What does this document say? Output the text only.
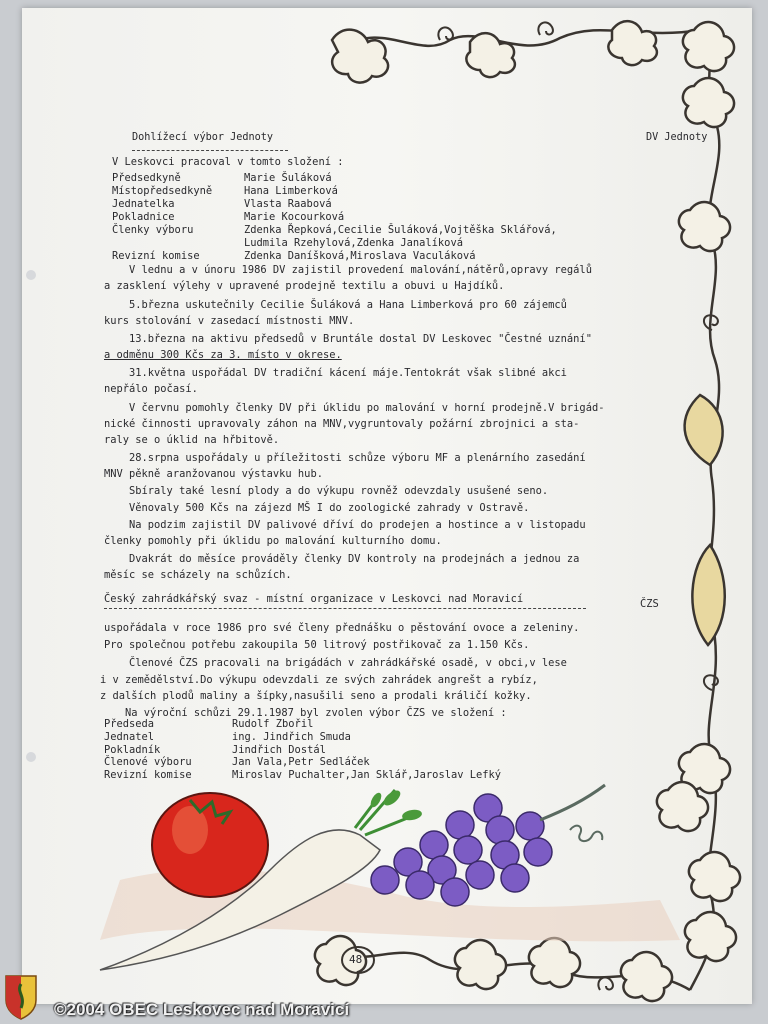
Dohlížecí výbor Jednoty	DV Jednoty
V Leskovci pracoval v tomto složení :
Předsedkyně	Marie Šuláková
Místopředsedkyně	Hana Limberková
Jednatelka	Vlasta Raabová
Pokladnice	Marie Kocourková
Členky výboru	Zdenka Řepková,Cecilie Šuláková,Vojtěška Sklářová,
Ludmila Rzehylová,Zdenka Janalíková
Revizní komise	Zdenka Daníšková,Miroslava Vaculáková
V lednu a v únoru 1986 DV zajistil provedení malování,nátěrů,opravy regálů
a zasklení výlehy v upravené prodejně textilu a obuvi u Hajdíků.
5.března uskutečnily Cecilie Šuláková a Hana Limberková pro 60 zájemců
kurs stolování v zasedací místnosti MNV.
13.března na aktivu předsedů v Bruntále dostal DV Leskovec "Čestné uznání"
a odměnu 300 Kčs za 3. místo v okrese.
31.května uspořádal DV tradiční kácení máje.Tentokrát však slibné akci
nepřálo počasí.
V červnu pomohly členky DV při úklidu po malování v horní prodejně.V brigád-
nické činnosti upravovaly záhon na MNV,vygruntovaly požární zbrojnici a sta-
raly se o úklid na hřbitově.
28.srpna uspořádaly u příležitosti schůze výboru MF a plenárního zasedání
MNV pěkně aranžovanou výstavku hub.
Sbíraly také lesní plody a do výkupu rovněž odevzdaly usušené seno.
Věnovaly 500 Kčs na zájezd MŠ I do zoologické zahrady v Ostravě.
Na podzim zajistil DV palivové dříví do prodejen a hostince a v listopadu
členky pomohly při úklidu po malování kulturního domu.
Dvakrát do měsíce prováděly členky DV kontroly na prodejnách a jednou za
měsíc se scházely na schůzích.
Český zahrádkářský svaz - místní organizace v Leskovci nad Moravicí	ČZS
uspořádala v roce 1986 pro své členy přednášku o pěstování ovoce a zeleniny.
Pro společnou potřebu zakoupila 50 litrový postřikovač za 1.150 Kčs.
Členové ČZS pracovali na brigádách v zahrádkářské osadě, v obci,v lese
i v zemědělství.Do výkupu odevzdali ze svých zahrádek angrešt a rybíz,
z dalších plodů maliny a šípky,nasušili seno a prodali králičí kožky.
Na výroční schůzi 29.1.1987 byl zvolen výbor ČZS ve složení :
Předseda	Rudolf Zbořil
Jednatel	ing. Jindřich Smuda
Pokladník	Jindřich Dostál
Členové výboru	Jan Vala,Petr Sedláček
Revizní komise	Miroslav Puchalter,Jan Sklář,Jaroslav Lefký
48
©2004 OBEC Leskovec nad Moravicí
